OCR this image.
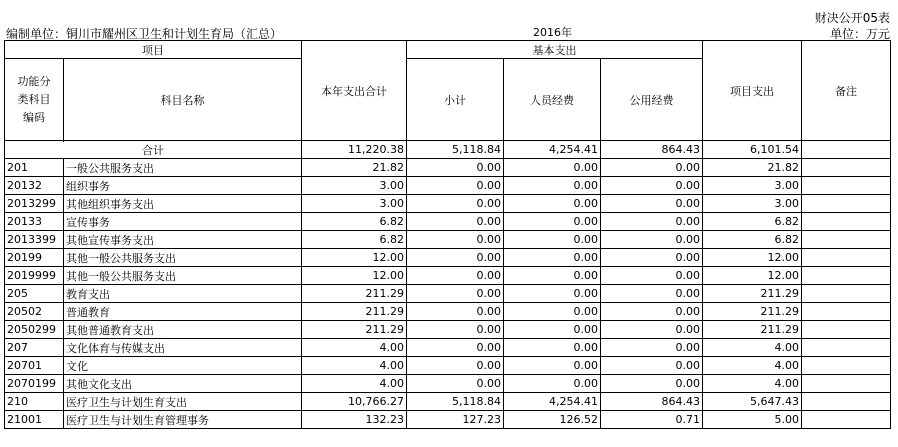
财决公开05表
2016年
编制单位：铜川市耀州区卫生和计划生育局（汇总）	单位：万元
项目		本年支出合计	基本支出			项目支出	备注

功能分
类科目
编码	科目名称		小计	人员经费	公用经费		

合计		11,220.38	5,118.84	4,254.41	864.43	6,101.54	
201	一般公共服务支出	21.82	0.00	0.00	0.00	21.82	
20132	组织事务	3.00	0.00	0.00	0.00	3.00	
2013299	其他组织事务支出	3.00	0.00	0.00	0.00	3.00	
20133	宣传事务	6.82	0.00	0.00	0.00	6.82	
2013399	其他宣传事务支出	6.82	0.00	0.00	0.00	6.82	
20199	其他一般公共服务支出	12.00	0.00	0.00	0.00	12.00	
2019999	其他一般公共服务支出	12.00	0.00	0.00	0.00	12.00	
205	教育支出	211.29	0.00	0.00	0.00	211.29	
20502	普通教育	211.29	0.00	0.00	0.00	211.29	
2050299	其他普通教育支出	211.29	0.00	0.00	0.00	211.29	
207	文化体育与传媒支出	4.00	0.00	0.00	0.00	4.00	
20701	文化	4.00	0.00	0.00	0.00	4.00	
2070199	其他文化支出	4.00	0.00	0.00	0.00	4.00	
210	医疗卫生与计划生育支出	10,766.27	5,118.84	4,254.41	864.43	5,647.43	
21001	医疗卫生与计划生育管理事务	132.23	127.23	126.52	0.71	5.00	
